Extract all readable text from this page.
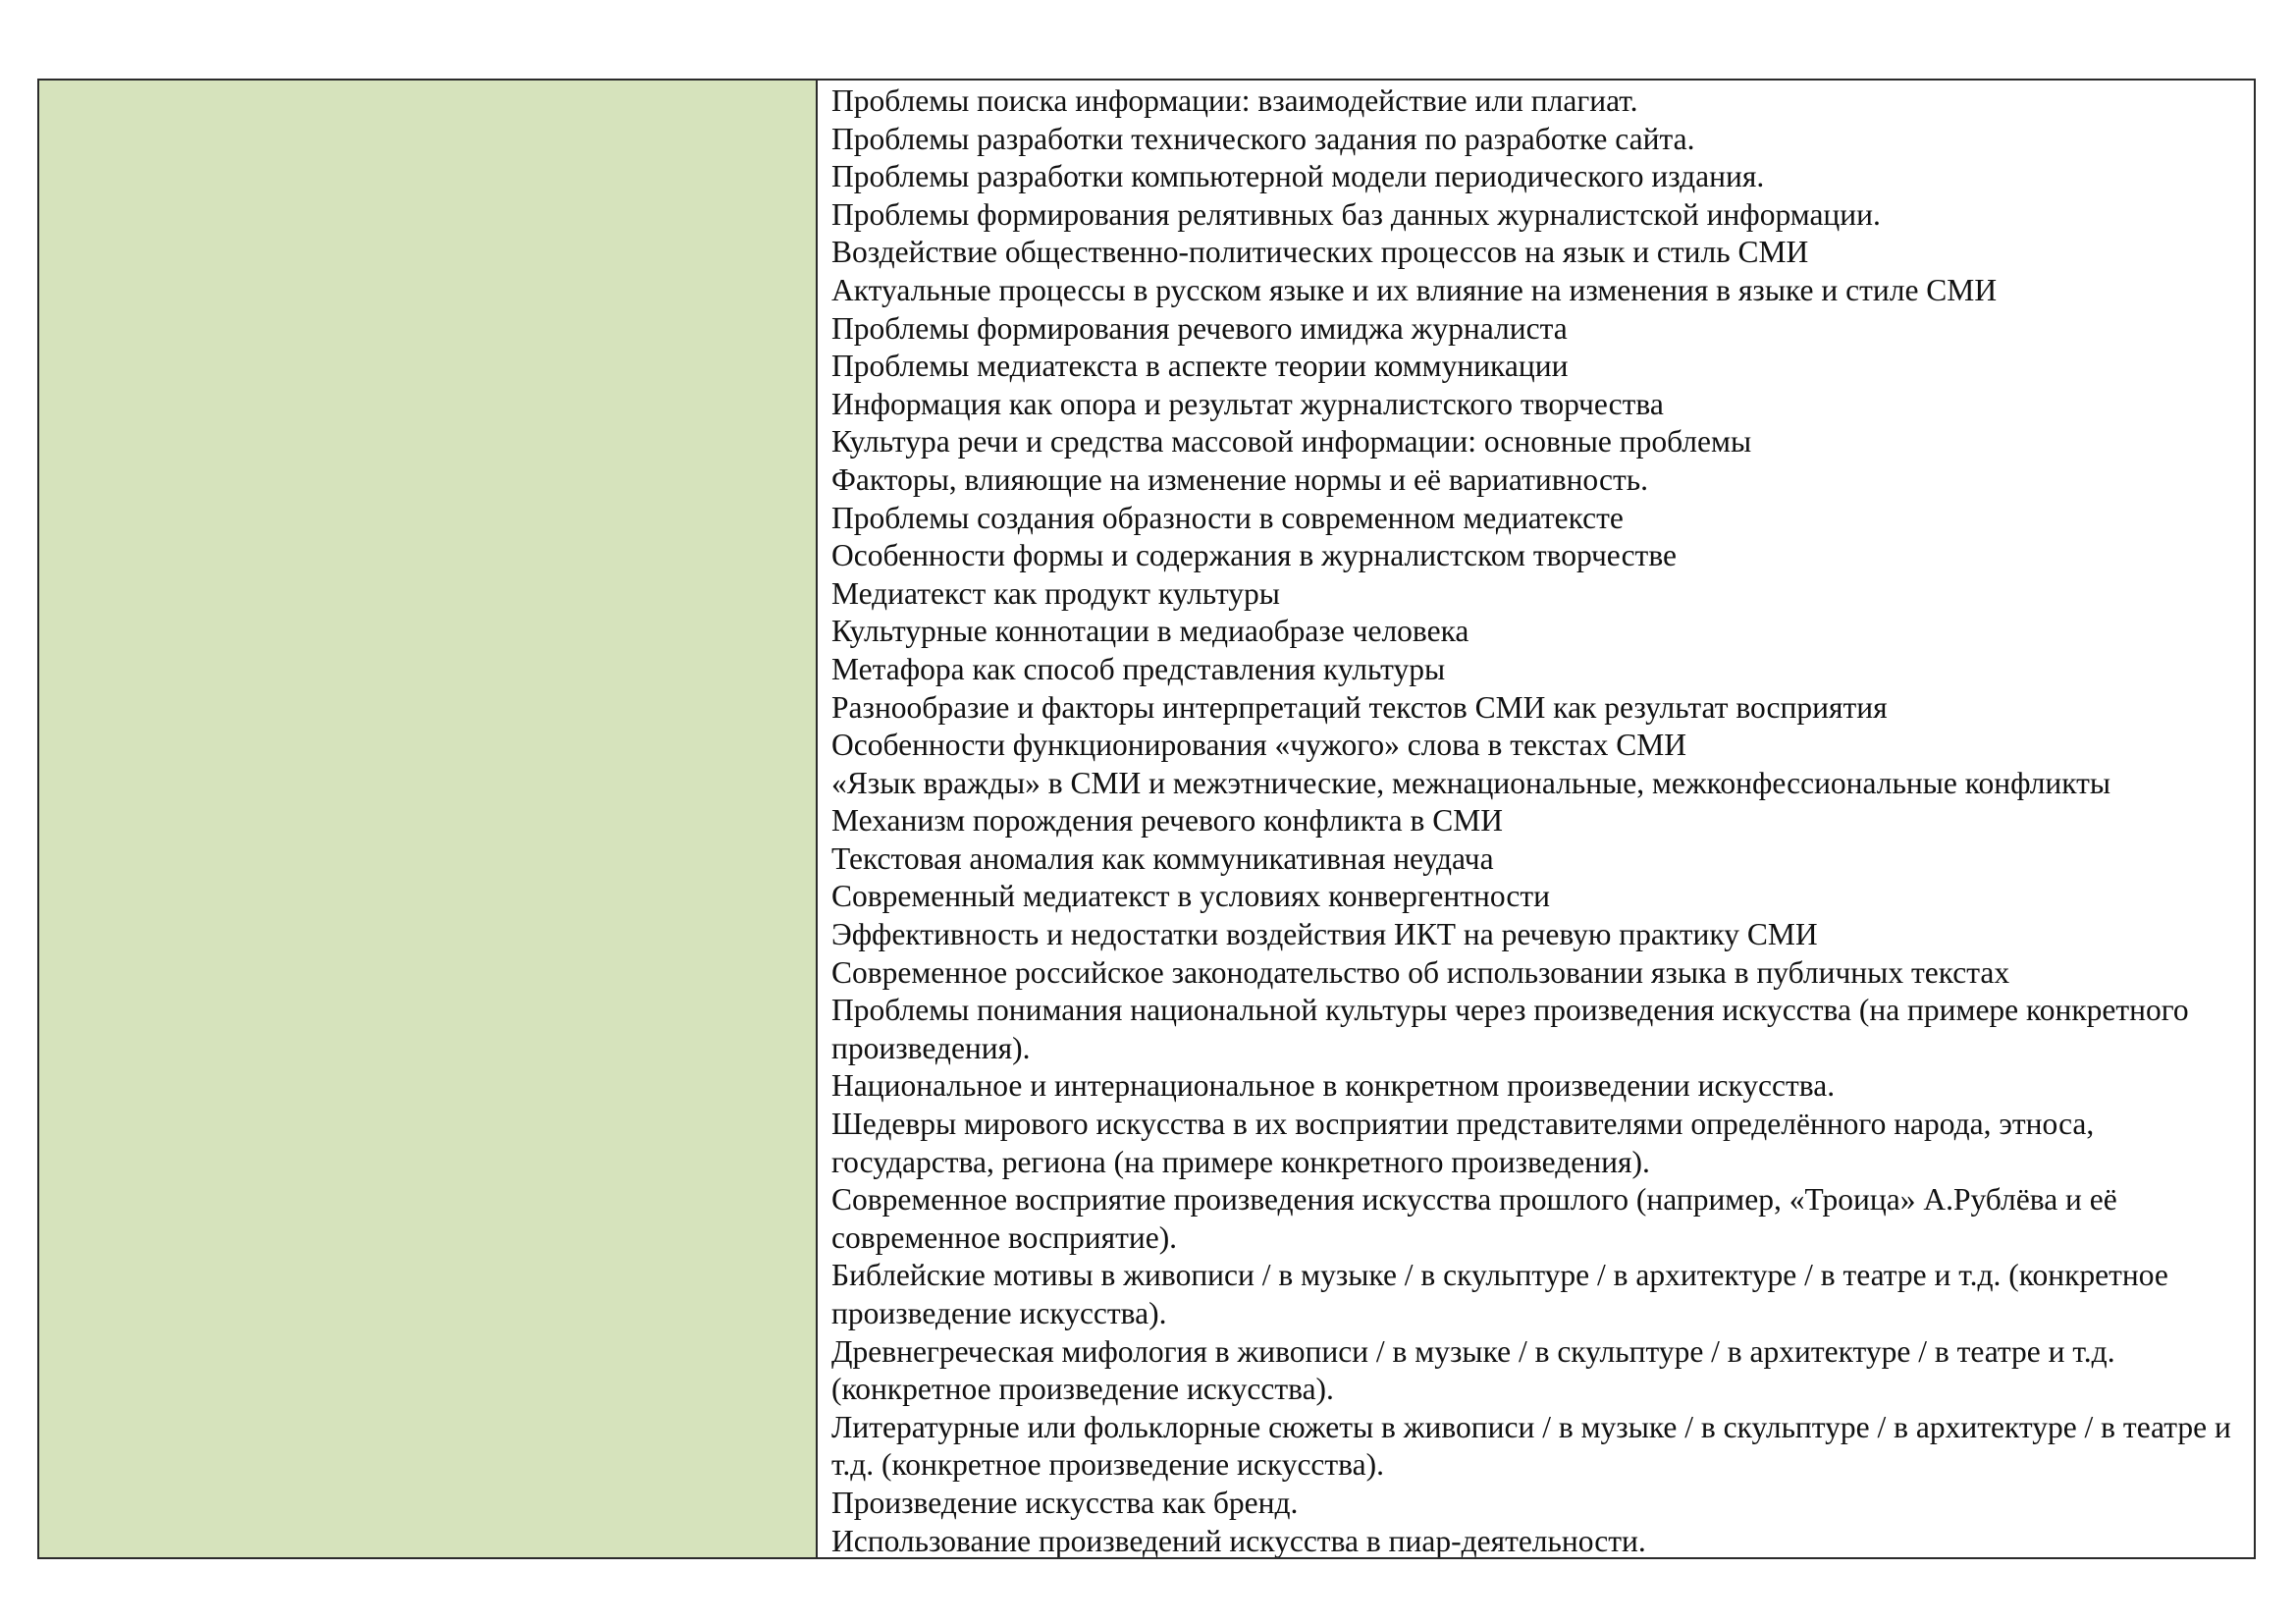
Проблемы поиска информации: взаимодействие или плагиат.

Проблемы разработки технического задания по разработке сайта.

Проблемы разработки компьютерной модели периодического издания.

Проблемы формирования релятивных баз данных журналистской информации.

Воздействие общественно-политических процессов на язык и стиль СМИ

Актуальные процессы в русском языке и их влияние на изменения в языке и стиле СМИ

Проблемы формирования речевого имиджа журналиста

Проблемы медиатекста в аспекте теории коммуникации

Информация как опора и результат журналистского творчества

Культура речи и средства массовой информации: основные проблемы

Факторы, влияющие на изменение нормы и её вариативность.

Проблемы создания образности в современном медиатексте

Особенности формы и содержания в журналистском творчестве

Медиатекст как продукт культуры

Культурные коннотации в медиаобразе человека

Метафора как способ представления культуры

Разнообразие и факторы интерпретаций текстов СМИ как результат восприятия

Особенности функционирования «чужого» слова в текстах СМИ

«Язык вражды» в СМИ и межэтнические, межнациональные, межконфессиональные конфликты

Механизм порождения речевого конфликта в СМИ

Текстовая аномалия как коммуникативная неудача

Современный медиатекст в условиях конвергентности

Эффективность и недостатки воздействия ИКТ на речевую практику СМИ

Современное российское законодательство об использовании языка в публичных текстах

Проблемы понимания национальной культуры через произведения искусства (на примере конкретного произведения).

Национальное и интернациональное в конкретном произведении искусства.

Шедевры мирового искусства в их восприятии представителями определённого народа, этноса, государства, региона (на примере конкретного произведения).

Современное восприятие произведения искусства прошлого (например, «Троица» А.Рублёва и её современное восприятие).

Библейские мотивы в живописи / в музыке / в скульптуре / в архитектуре / в театре и т.д. (конкретное произведение искусства).

Древнегреческая мифология в живописи / в музыке / в скульптуре / в архитектуре / в театре и т.д. (конкретное произведение искусства).

Литературные или фольклорные сюжеты в живописи / в музыке / в скульптуре / в архитектуре / в театре и т.д. (конкретное произведение искусства).

Произведение искусства как бренд.

Использование произведений искусства в пиар-деятельности.
